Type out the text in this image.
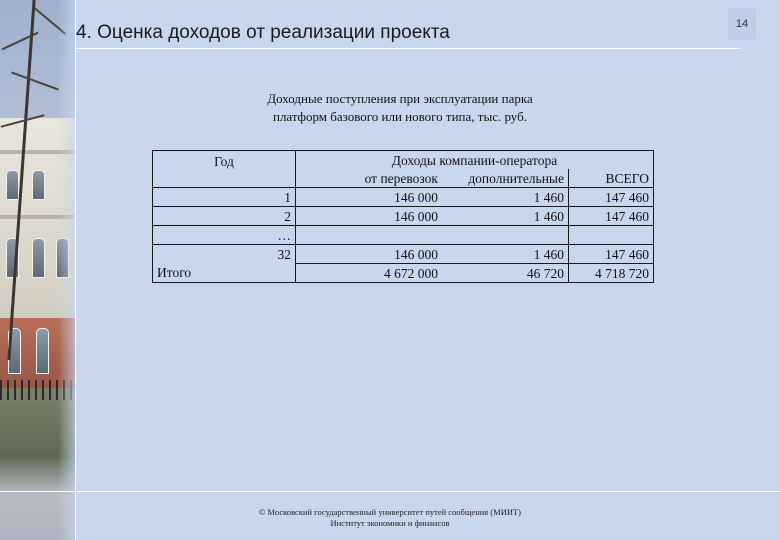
4. Оценка доходов от реализации проекта	14
Доходные поступления при эксплуатации парка
платформ базового или нового типа, тыс. руб.
Год	Доходы компании-оператора		
	от перевозок	дополнительные	ВСЕГО
1	146 000	1 460	147 460
2	146 000	1 460	147 460
…			
32	146 000	1 460	147 460
Итого	4 672 000	46 720	4 718 720
© Московский государственный университет путей сообщения (МИИТ)
Институт экономики и финансов
